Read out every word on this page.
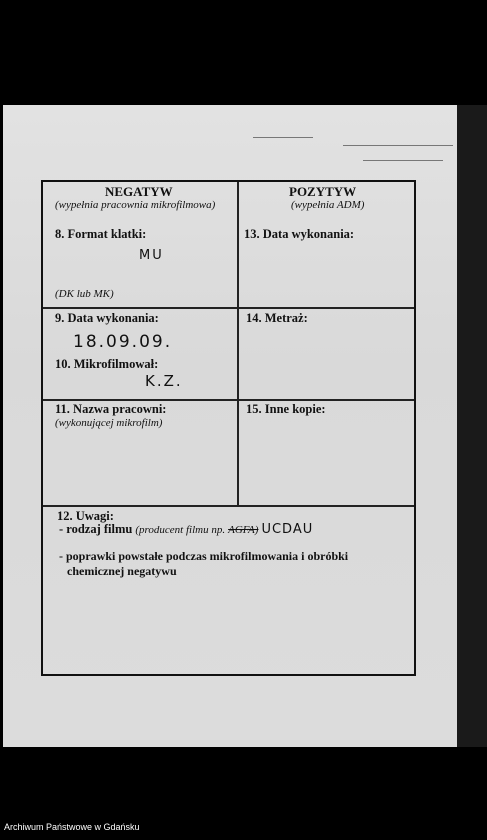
NEGATYW
(wypełnia pracownia mikrofilmowa)
8. Format klatki:
MU
(DK lub MK)
9. Data wykonania:
18.09.09.
10. Mikrofilmował:
K.Z.
11. Nazwa pracowni:
(wykonującej mikrofilm)
POZYTYW
(wypełnia ADM)
13. Data wykonania:
14. Metraż:
15. Inne kopie:
12. Uwagi:
- rodzaj filmu (producent filmu np. AGFA) UCDAU
- poprawki powstałe podczas mikrofilmowania i obróbki
chemicznej negatywu
Archiwum Państwowe w Gdańsku
